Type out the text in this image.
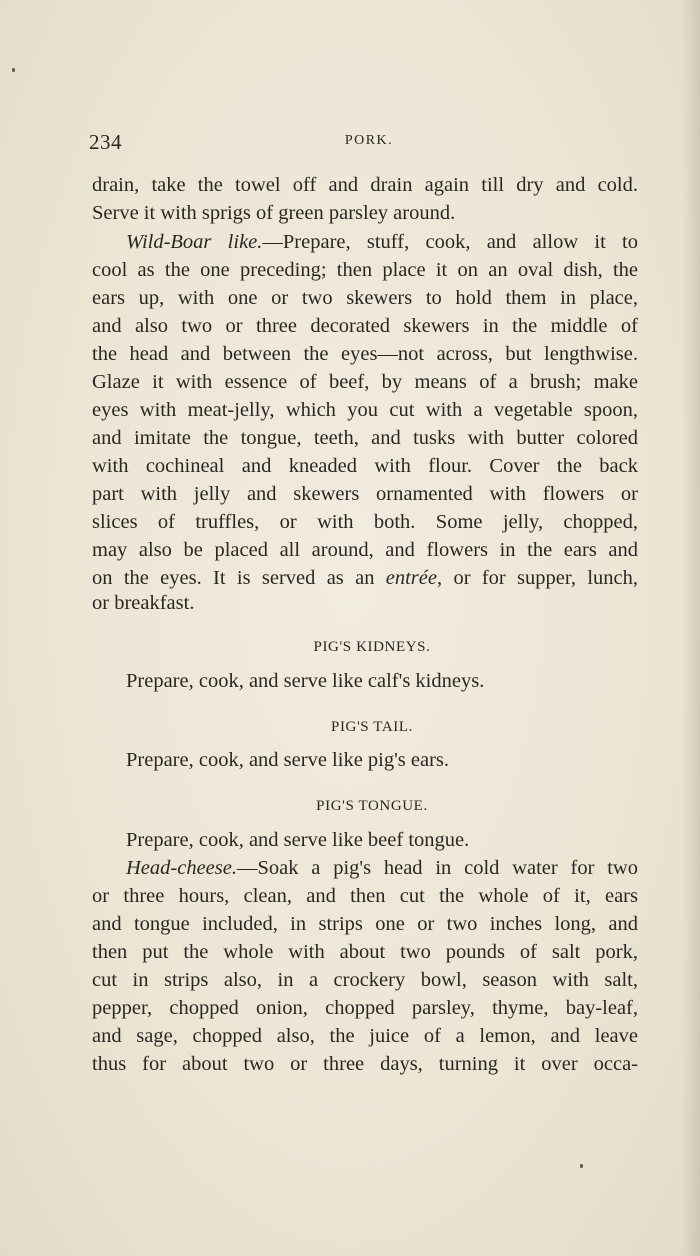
234	PORK.
drain, take the towel off and drain again till dry and cold.
Serve it with sprigs of green parsley around.
Wild-Boar like.—Prepare, stuff, cook, and allow it to
cool as the one preceding; then place it on an oval dish, the
ears up, with one or two skewers to hold them in place,
and also two or three decorated skewers in the middle of
the head and between the eyes—not across, but lengthwise.
Glaze it with essence of beef, by means of a brush; make
eyes with meat-jelly, which you cut with a vegetable spoon,
and imitate the tongue, teeth, and tusks with butter colored
with cochineal and kneaded with flour. Cover the back
part with jelly and skewers ornamented with flowers or
slices of truffles, or with both. Some jelly, chopped,
may also be placed all around, and flowers in the ears and
on the eyes. It is served as an entrée, or for supper, lunch,
or breakfast.
PIG'S KIDNEYS.
Prepare, cook, and serve like calf's kidneys.
PIG'S TAIL.
Prepare, cook, and serve like pig's ears.
PIG'S TONGUE.
Prepare, cook, and serve like beef tongue.
Head-cheese.—Soak a pig's head in cold water for two
or three hours, clean, and then cut the whole of it, ears
and tongue included, in strips one or two inches long, and
then put the whole with about two pounds of salt pork,
cut in strips also, in a crockery bowl, season with salt,
pepper, chopped onion, chopped parsley, thyme, bay-leaf,
and sage, chopped also, the juice of a lemon, and leave
thus for about two or three days, turning it over occa-
